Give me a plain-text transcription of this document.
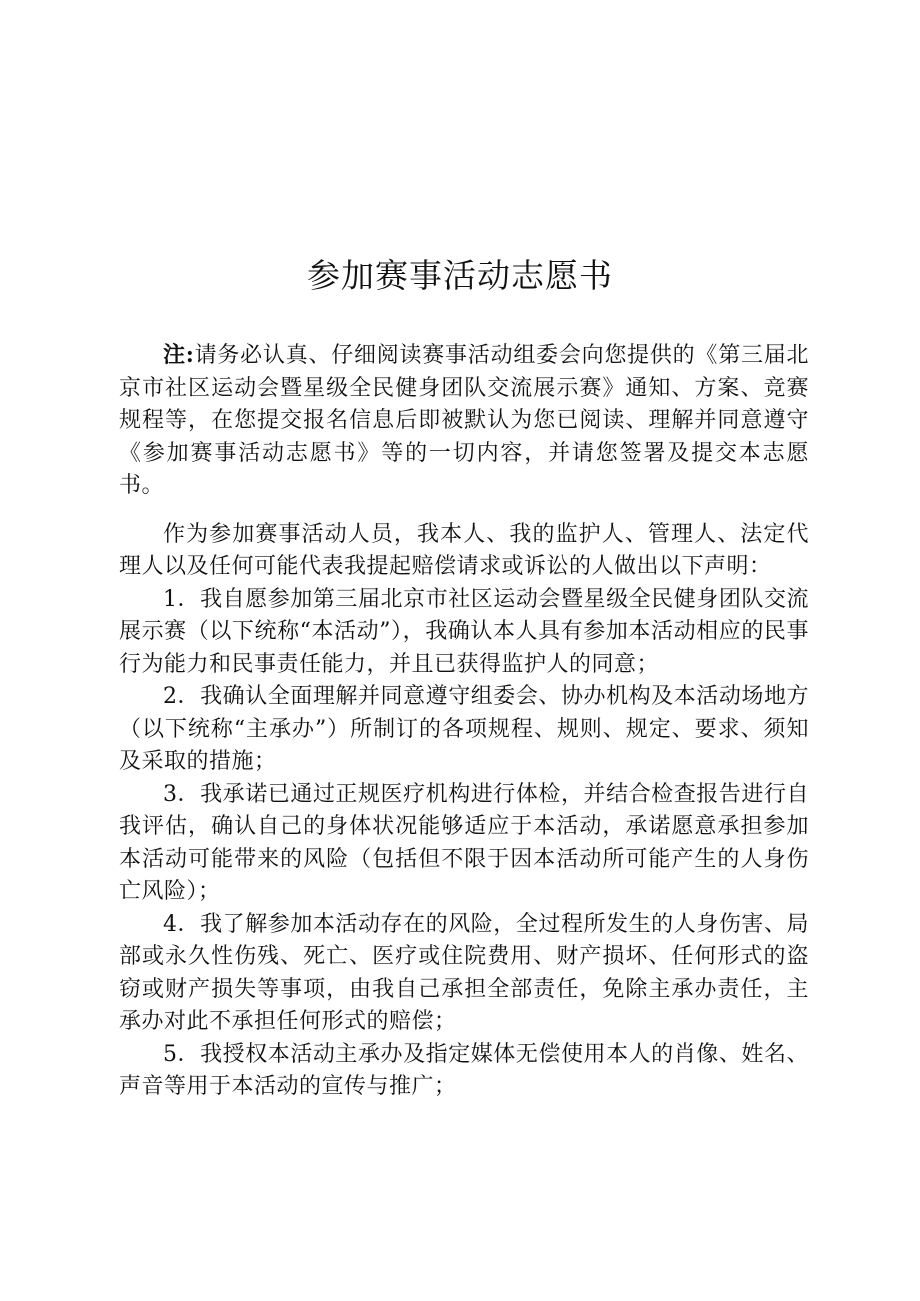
参加赛事活动志愿书

注:请务必认真、仔细阅读赛事活动组委会向您提供的《第三届北京市社区运动会暨星级全民健身团队交流展示赛》通知、方案、竞赛规程等，在您提交报名信息后即被默认为您已阅读、理解并同意遵守《参加赛事活动志愿书》等的一切内容，并请您签署及提交本志愿书。

作为参加赛事活动人员，我本人、我的监护人、管理人、法定代理人以及任何可能代表我提起赔偿请求或诉讼的人做出以下声明：

1．我自愿参加第三届北京市社区运动会暨星级全民健身团队交流展示赛（以下统称“本活动”），我确认本人具有参加本活动相应的民事行为能力和民事责任能力，并且已获得监护人的同意；

2．我确认全面理解并同意遵守组委会、协办机构及本活动场地方（以下统称“主承办”）所制订的各项规程、规则、规定、要求、须知及采取的措施；

3．我承诺已通过正规医疗机构进行体检，并结合检查报告进行自我评估，确认自己的身体状况能够适应于本活动，承诺愿意承担参加本活动可能带来的风险（包括但不限于因本活动所可能产生的人身伤亡风险）；

4．我了解参加本活动存在的风险，全过程所发生的人身伤害、局部或永久性伤残、死亡、医疗或住院费用、财产损坏、任何形式的盗窃或财产损失等事项，由我自己承担全部责任，免除主承办责任，主承办对此不承担任何形式的赔偿；

5．我授权本活动主承办及指定媒体无偿使用本人的肖像、姓名、声音等用于本活动的宣传与推广；
